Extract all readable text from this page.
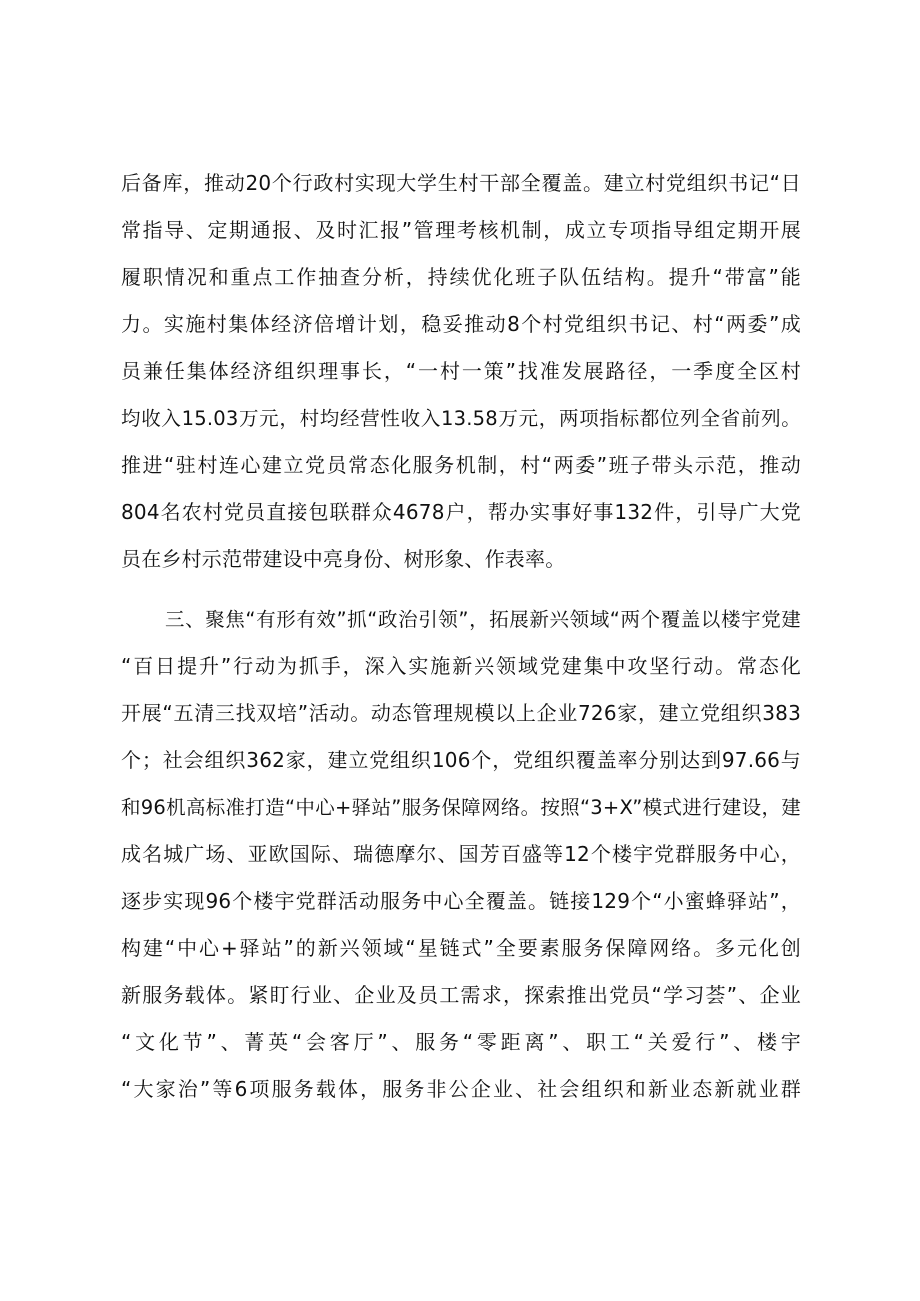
后备库，推动20个行政村实现大学生村干部全覆盖。建立村党组织书记“日
常指导、定期通报、及时汇报”管理考核机制，成立专项指导组定期开展
履职情况和重点工作抽查分析，持续优化班子队伍结构。提升“带富”能
力。实施村集体经济倍增计划，稳妥推动8个村党组织书记、村“两委”成
员兼任集体经济组织理事长，“一村一策”找准发展路径，一季度全区村
均收入15.03万元，村均经营性收入13.58万元，两项指标都位列全省前列。
推进“驻村连心建立党员常态化服务机制，村“两委”班子带头示范，推动
804名农村党员直接包联群众4678户，帮办实事好事132件，引导广大党
员在乡村示范带建设中亮身份、树形象、作表率。
三、聚焦“有形有效”抓“政治引领”，拓展新兴领域“两个覆盖以楼宇党建
“百日提升”行动为抓手，深入实施新兴领域党建集中攻坚行动。常态化
开展“五清三找双培”活动。动态管理规模以上企业726家，建立党组织383
个；社会组织362家，建立党组织106个，党组织覆盖率分别达到97.66与
和96机高标准打造“中心+驿站”服务保障网络。按照“3+X”模式进行建设，建
成名城广场、亚欧国际、瑞德摩尔、国芳百盛等12个楼宇党群服务中心，
逐步实现96个楼宇党群活动服务中心全覆盖。链接129个“小蜜蜂驿站”，
构建“中心+驿站”的新兴领域“星链式”全要素服务保障网络。多元化创
新服务载体。紧盯行业、企业及员工需求，探索推出党员“学习荟”、企业
“文化节”、菁英“会客厅”、服务“零距离”、职工“关爱行”、楼宇
“大家治”等6项服务载体，服务非公企业、社会组织和新业态新就业群
